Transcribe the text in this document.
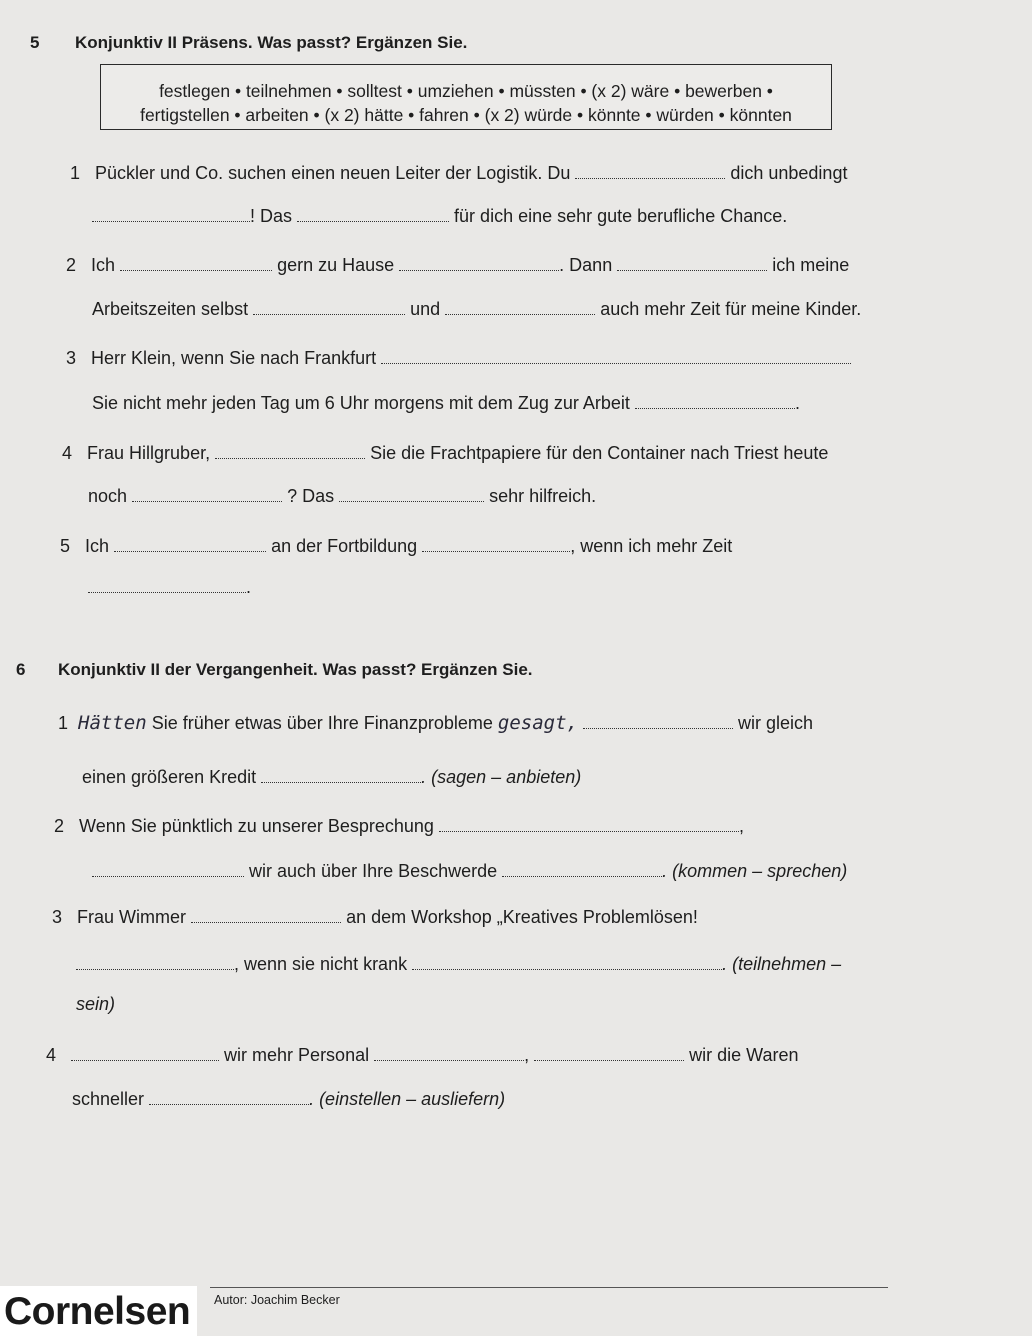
5 Konjunktiv II Präsens. Was passt? Ergänzen Sie.
festlegen • teilnehmen • solltest • umziehen • müssten • (x 2) wäre • bewerben •
fertigstellen • arbeiten • (x 2) hätte • fahren • (x 2) würde • könnte • würden • könnten
1 Pückler und Co. suchen einen neuen Leiter der Logistik. Du	dich unbedingt
! Das	für dich eine sehr gute berufliche Chance.
2 Ich	gern zu Hause	. Dann	ich meine
Arbeitszeiten selbst	und	auch mehr Zeit für meine Kinder.
3 Herr Klein, wenn Sie nach Frankfurt
Sie nicht mehr jeden Tag um 6 Uhr morgens mit dem Zug zur Arbeit	.
4 Frau Hillgruber,	Sie die Frachtpapiere für den Container nach Triest heute
noch	? Das	sehr hilfreich.
5 Ich	an der Fortbildung	, wenn ich mehr Zeit
.
6 Konjunktiv II der Vergangenheit. Was passt? Ergänzen Sie.
1 Hätten Sie früher etwas über Ihre Finanzprobleme gesagt,	wir gleich
einen größeren Kredit	. (sagen – anbieten)
2 Wenn Sie pünktlich zu unserer Besprechung	,
wir auch über Ihre Beschwerde	. (kommen – sprechen)
3 Frau Wimmer	an dem Workshop „Kreatives Problemlösen!
, wenn sie nicht krank	. (teilnehmen –
sein)
4	wir mehr Personal	,	wir die Waren
schneller	. (einstellen – ausliefern)
Cornelsen Autor: Joachim Becker
